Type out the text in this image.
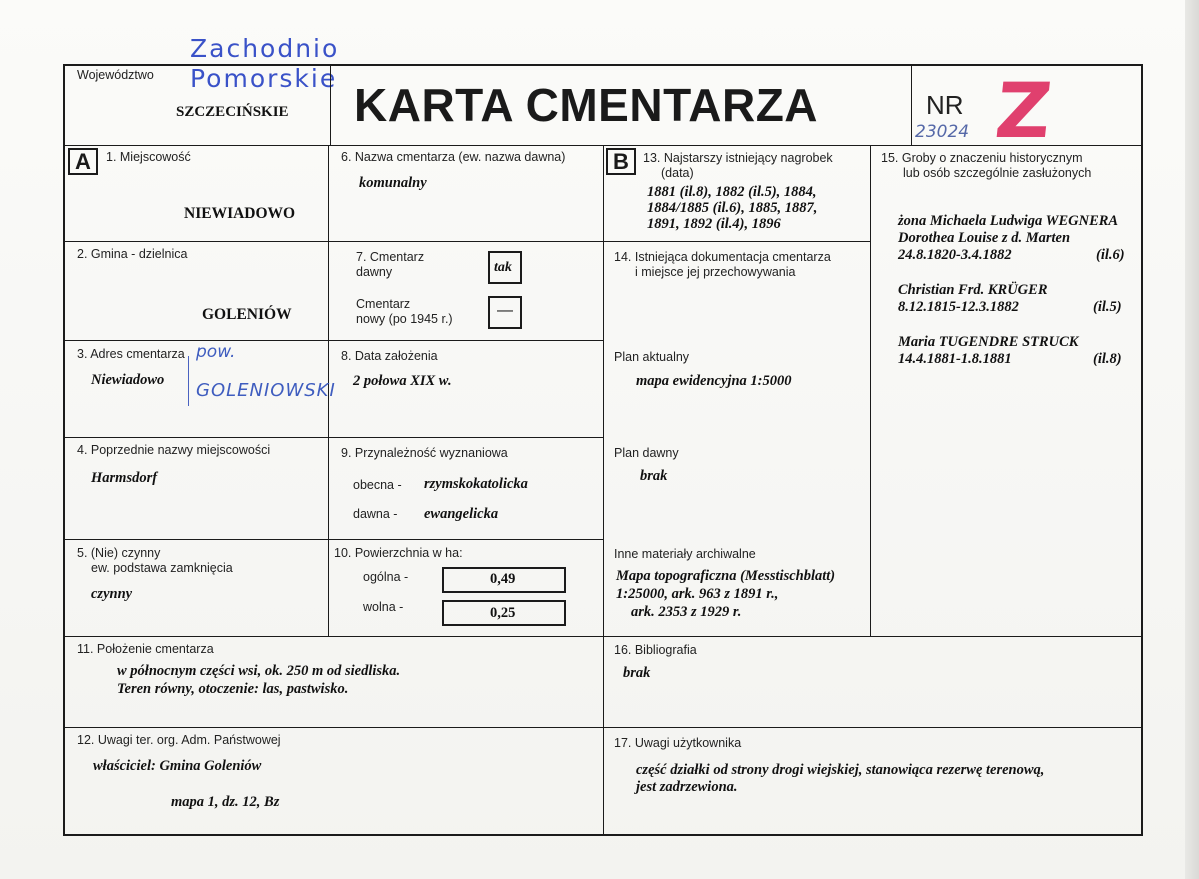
Zachodnio
Pomorskie
Województwo
SZCZECIŃSKIE KARTA CMENTARZA	NR Z
23024
A	1. Miejscowość
NIEWIADOWO
2. Gmina - dzielnica
GOLENIÓW
3. Adres cmentarza
Niewiadowo
pow.
GOLENIOWSKI
4. Poprzednie nazwy miejscowości
Harmsdorf
5. (Nie) czynny
ew. podstawa zamknięcia
czynny
6. Nazwa cmentarza (ew. nazwa dawna)
komunalny
7. Cmentarz
dawny	tak
Cmentarz
nowy (po 1945 r.)	—
8. Data założenia
2 połowa XIX w.
9. Przynależność wyznaniowa
obecna - rzymskokatolicka
dawna - ewangelicka
10. Powierzchnia w ha:
ogólna -	0,49
wolna -	0,25
B	13. Najstarszy istniejący nagrobek
(data)
1881 (il.8), 1882 (il.5), 1884,
1884/1885 (il.6), 1885, 1887,
1891, 1892 (il.4), 1896
14. Istniejąca dokumentacja cmentarza
i miejsce jej przechowywania
Plan aktualny
mapa ewidencyjna 1:5000
Plan dawny
brak
Inne materiały archiwalne
Mapa topograficzna (Messtischblatt)
1:25000, ark. 963 z 1891 r.,
ark. 2353 z 1929 r.
15. Groby o znaczeniu historycznym
lub osób szczególnie zasłużonych
żona Michaela Ludwiga WEGNERA
Dorothea Louise z d. Marten
24.8.1820-3.4.1882	(il.6)
Christian Frd. KRÜGER
8.12.1815-12.3.1882	(il.5)
Maria TUGENDRE STRUCK
14.4.1881-1.8.1881	(il.8)
11. Położenie cmentarza
w północnym części wsi, ok. 250 m od siedliska.
Teren równy, otoczenie: las, pastwisko.
16. Bibliografia
brak
12. Uwagi ter. org. Adm. Państwowej
właściciel: Gmina Goleniów
mapa 1, dz. 12, Bz
17. Uwagi użytkownika
część działki od strony drogi wiejskiej, stanowiąca rezerwę terenową,
jest zadrzewiona.
